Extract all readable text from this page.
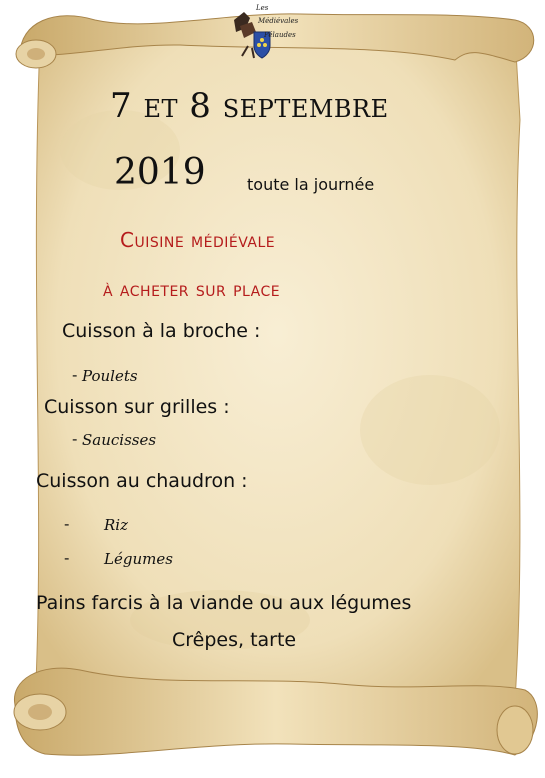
Les
Médiévales
Pélaudes
7 et 8 septembre
2019	toute la journée
Cuisine médiévale
à acheter sur place
Cuisson à la broche :
- Poulets
Cuisson sur grilles :
- Saucisses
Cuisson au chaudron :
- Riz
- Légumes
Pains farcis à la viande ou aux légumes
Crêpes, tarte
